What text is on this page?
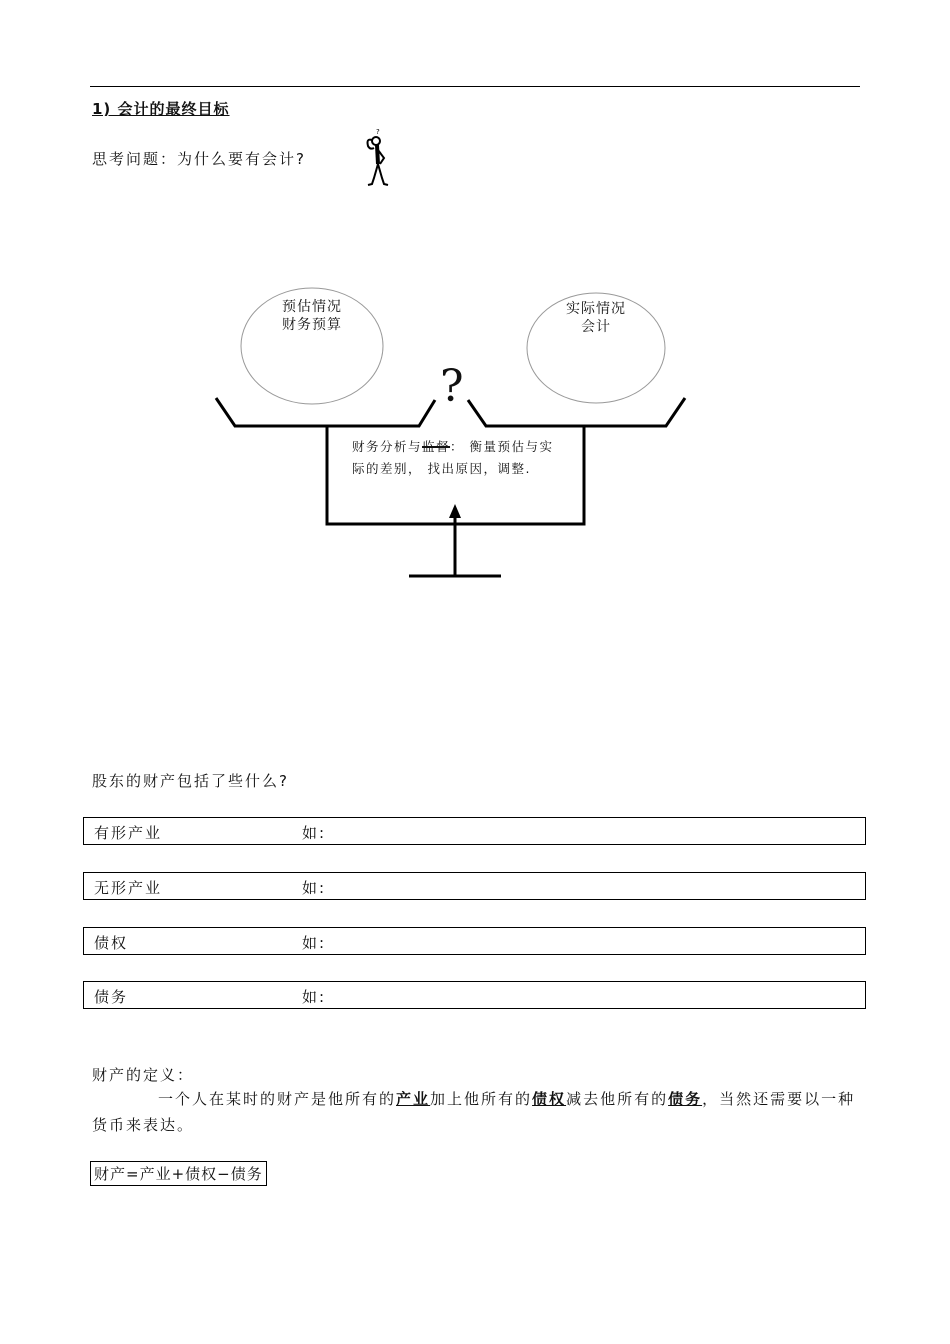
1) 会计的最终目标
思考问题：为什么要有会计?
?
预估情况
财务预算
实际情况
会计
?
财务分析与监督： 衡量预估与实际的差别， 找出原因，调整.
股东的财产包括了些什么?
有形产业	如:
无形产业	如:
债权	如:
债务	如:
财产的定义：
一个人在某时的财产是他所有的产业加上他所有的债权减去他所有的债务，当然还需要以一种货币来表达。
财产=产业+债权−债务
